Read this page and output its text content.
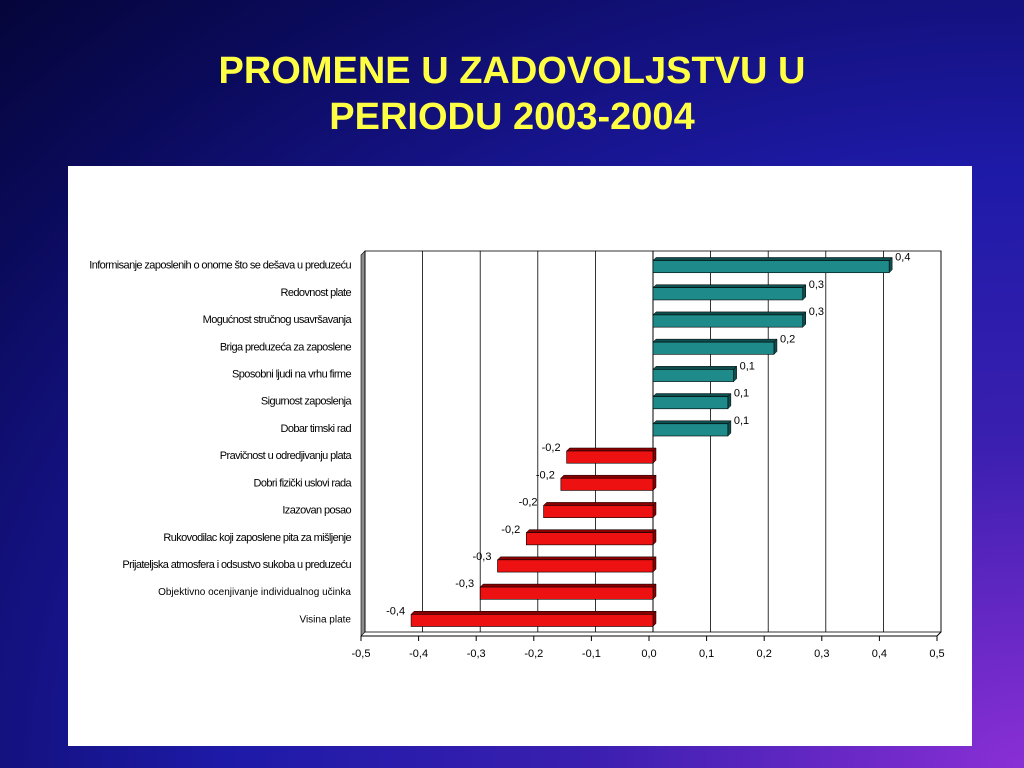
PROMENE U ZADOVOLJSTVU U
PERIODU 2003-2004
-0,5	-0,4	-0,3	-0,2	-0,1	0,0	0,1	0,2	0,3	0,4	0,5
0,4
Informisanje zaposlenih o onome što se dešava u preduzeću
0,3
Redovnost plate
0,3
Mogućnost stručnog usavršavanja
0,2
Briga preduzeća za zaposlene
0,1
Sposobni ljudi na vrhu firme
0,1
Sigurnost zaposlenja
0,1
Dobar timski rad
-0,2
Pravičnost u odredjivanju plata
-0,2
Dobri fizički uslovi rada
-0,2
Izazovan posao
-0,2
Rukovodilac koji zaposlene pita za mišljenje
-0,3
Prijateljska atmosfera i odsustvo sukoba u preduzeću
-0,3
Objektivno ocenjivanje individualnog učinka
-0,4
Visina plate
